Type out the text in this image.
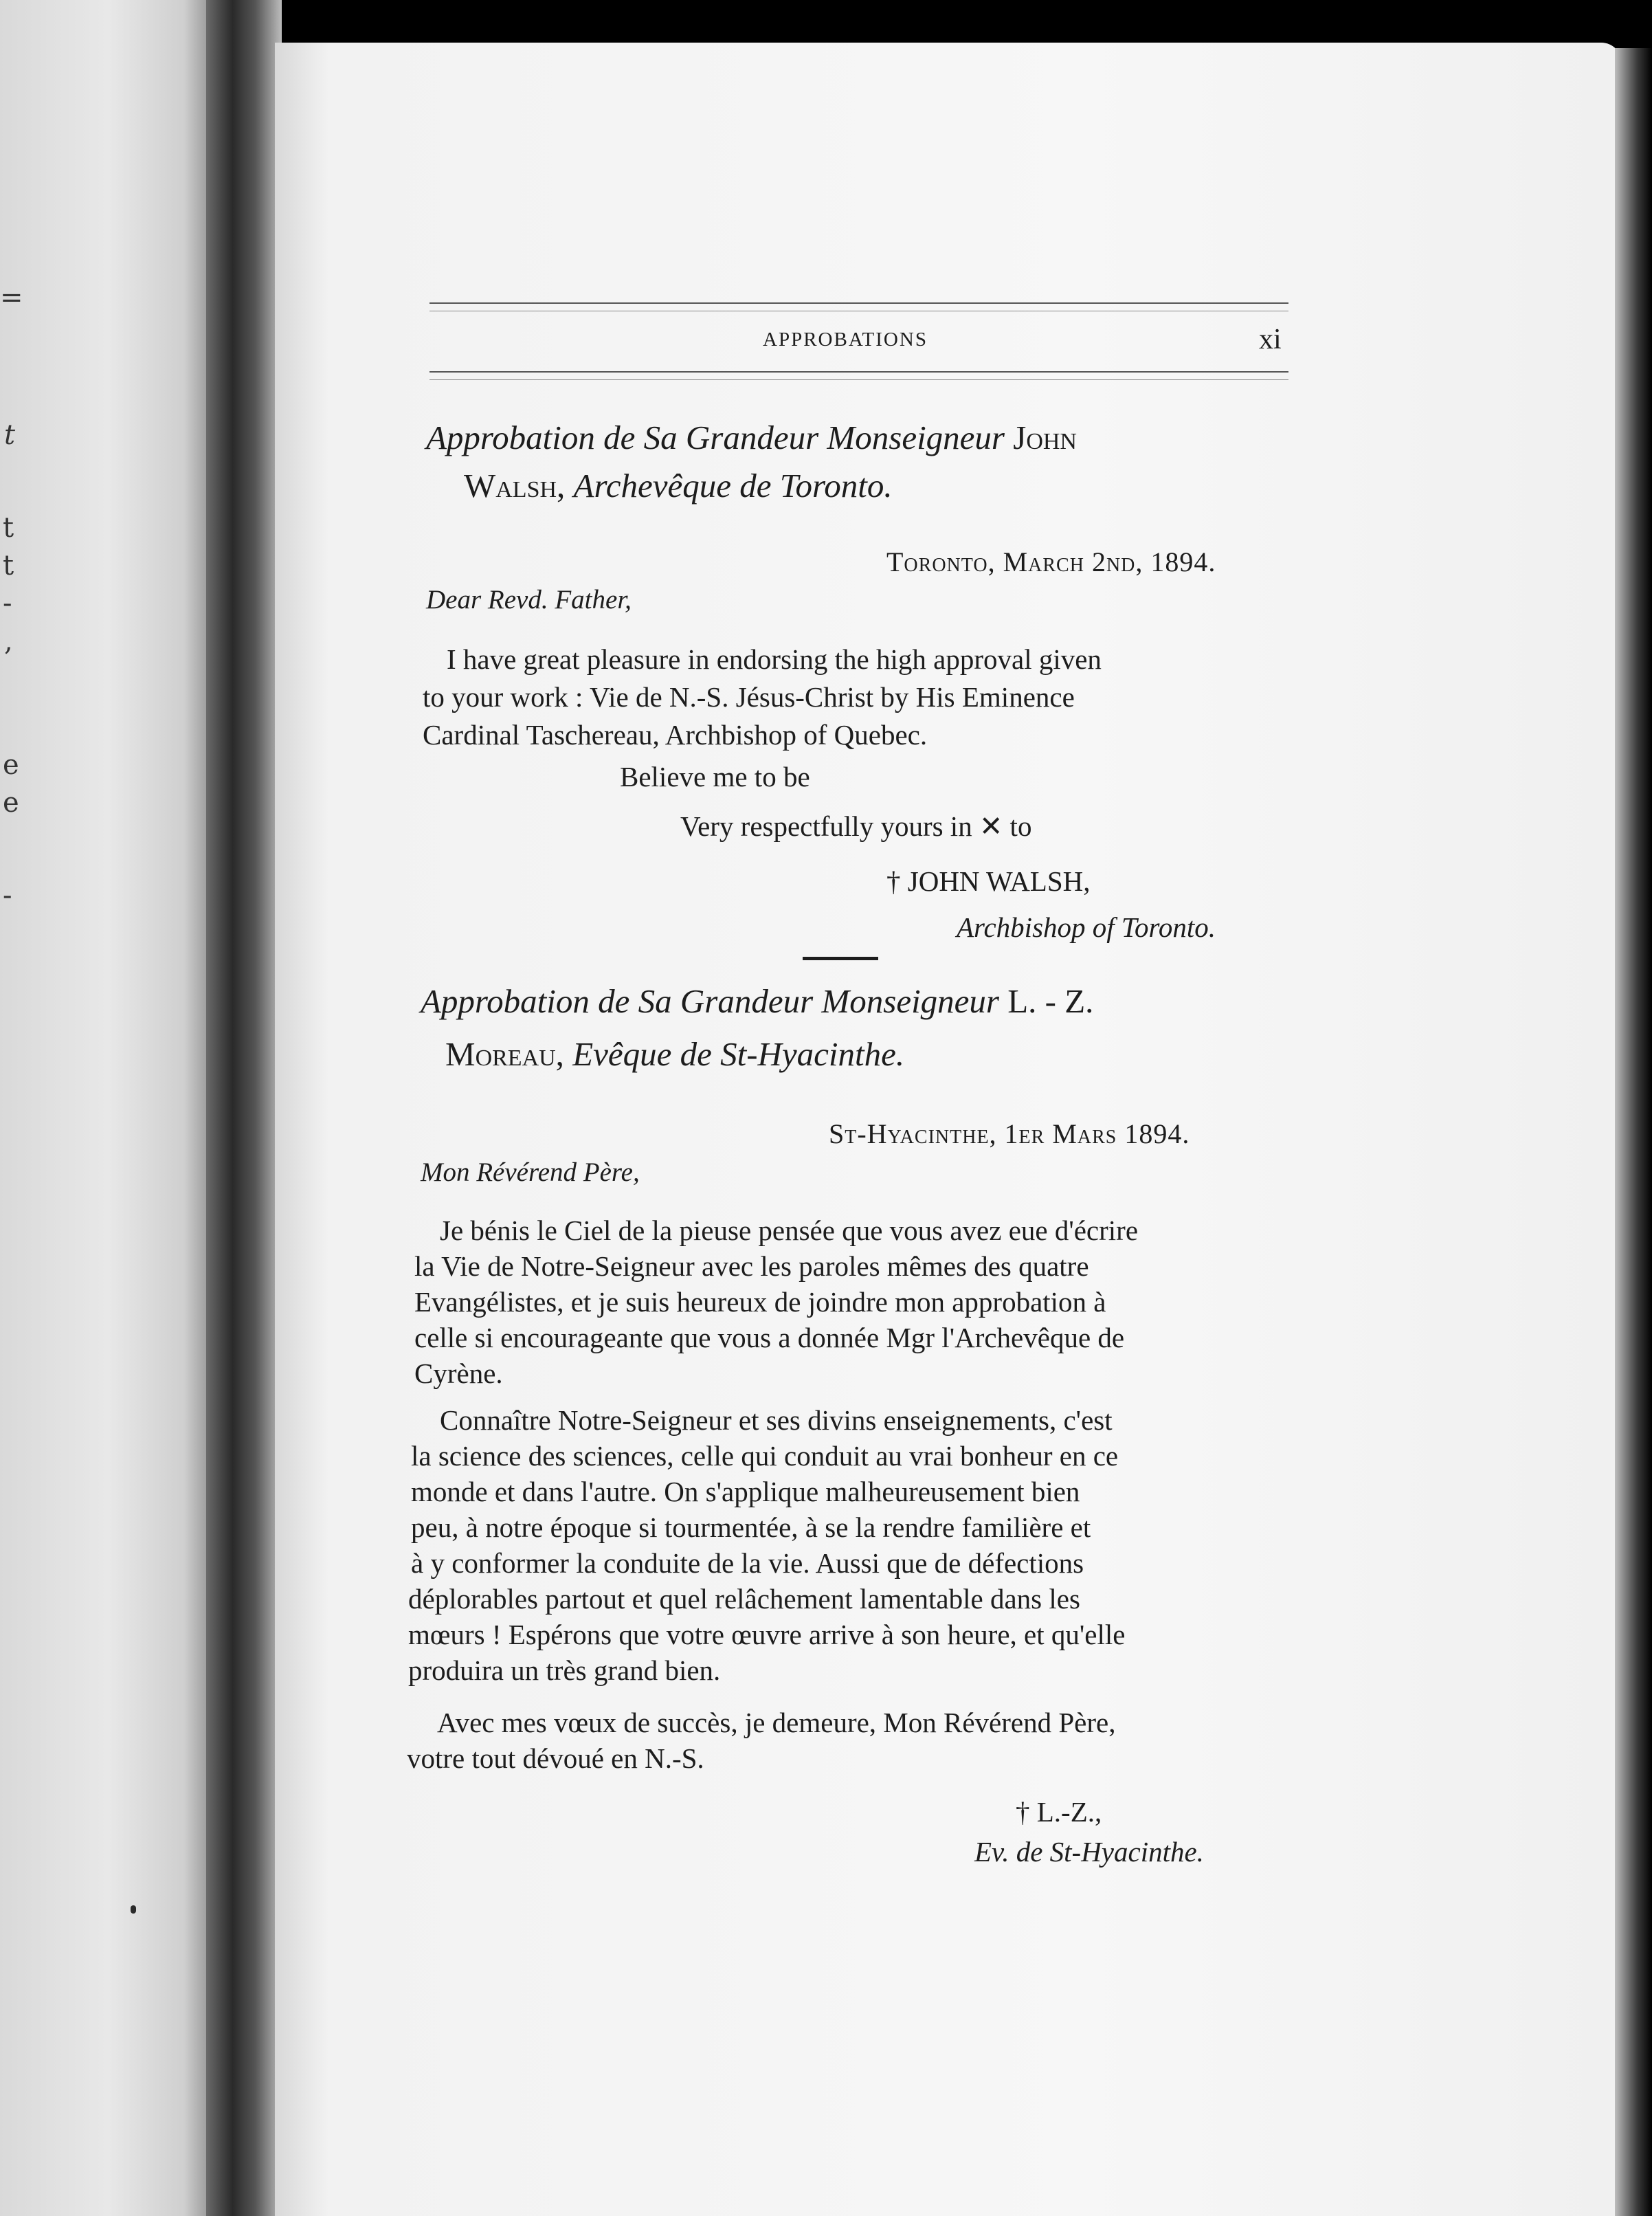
=
t
t
t
-
,
e
e
-

APPROBATIONS	xi

Approbation de Sa Grandeur Monseigneur John

Walsh, Archevêque de Toronto.

Toronto, March 2nd, 1894.

Dear Revd. Father,

I have great pleasure in endorsing the high approval given

to your work : Vie de N.-S. Jésus-Christ by His Eminence

Cardinal Taschereau, Archbishop of Quebec.

Believe me to be

Very respectfully yours in ✕ to

† JOHN WALSH,

Archbishop of Toronto.

Approbation de Sa Grandeur Monseigneur L. - Z.

Moreau, Evêque de St-Hyacinthe.

St-Hyacinthe, 1er Mars 1894.

Mon Révérend Père,

Je bénis le Ciel de la pieuse pensée que vous avez eue d'écrire

la Vie de Notre-Seigneur avec les paroles mêmes des quatre

Evangélistes, et je suis heureux de joindre mon approbation à

celle si encourageante que vous a donnée Mgr l'Archevêque de

Cyrène.

Connaître Notre-Seigneur et ses divins enseignements, c'est

la science des sciences, celle qui conduit au vrai bonheur en ce

monde et dans l'autre. On s'applique malheureusement bien

peu, à notre époque si tourmentée, à se la rendre familière et

à y conformer la conduite de la vie. Aussi que de défections

déplorables partout et quel relâchement lamentable dans les

mœurs ! Espérons que votre œuvre arrive à son heure, et qu'elle

produira un très grand bien.

Avec mes vœux de succès, je demeure, Mon Révérend Père,

votre tout dévoué en N.-S.

† L.-Z.,

Ev. de St-Hyacinthe.
